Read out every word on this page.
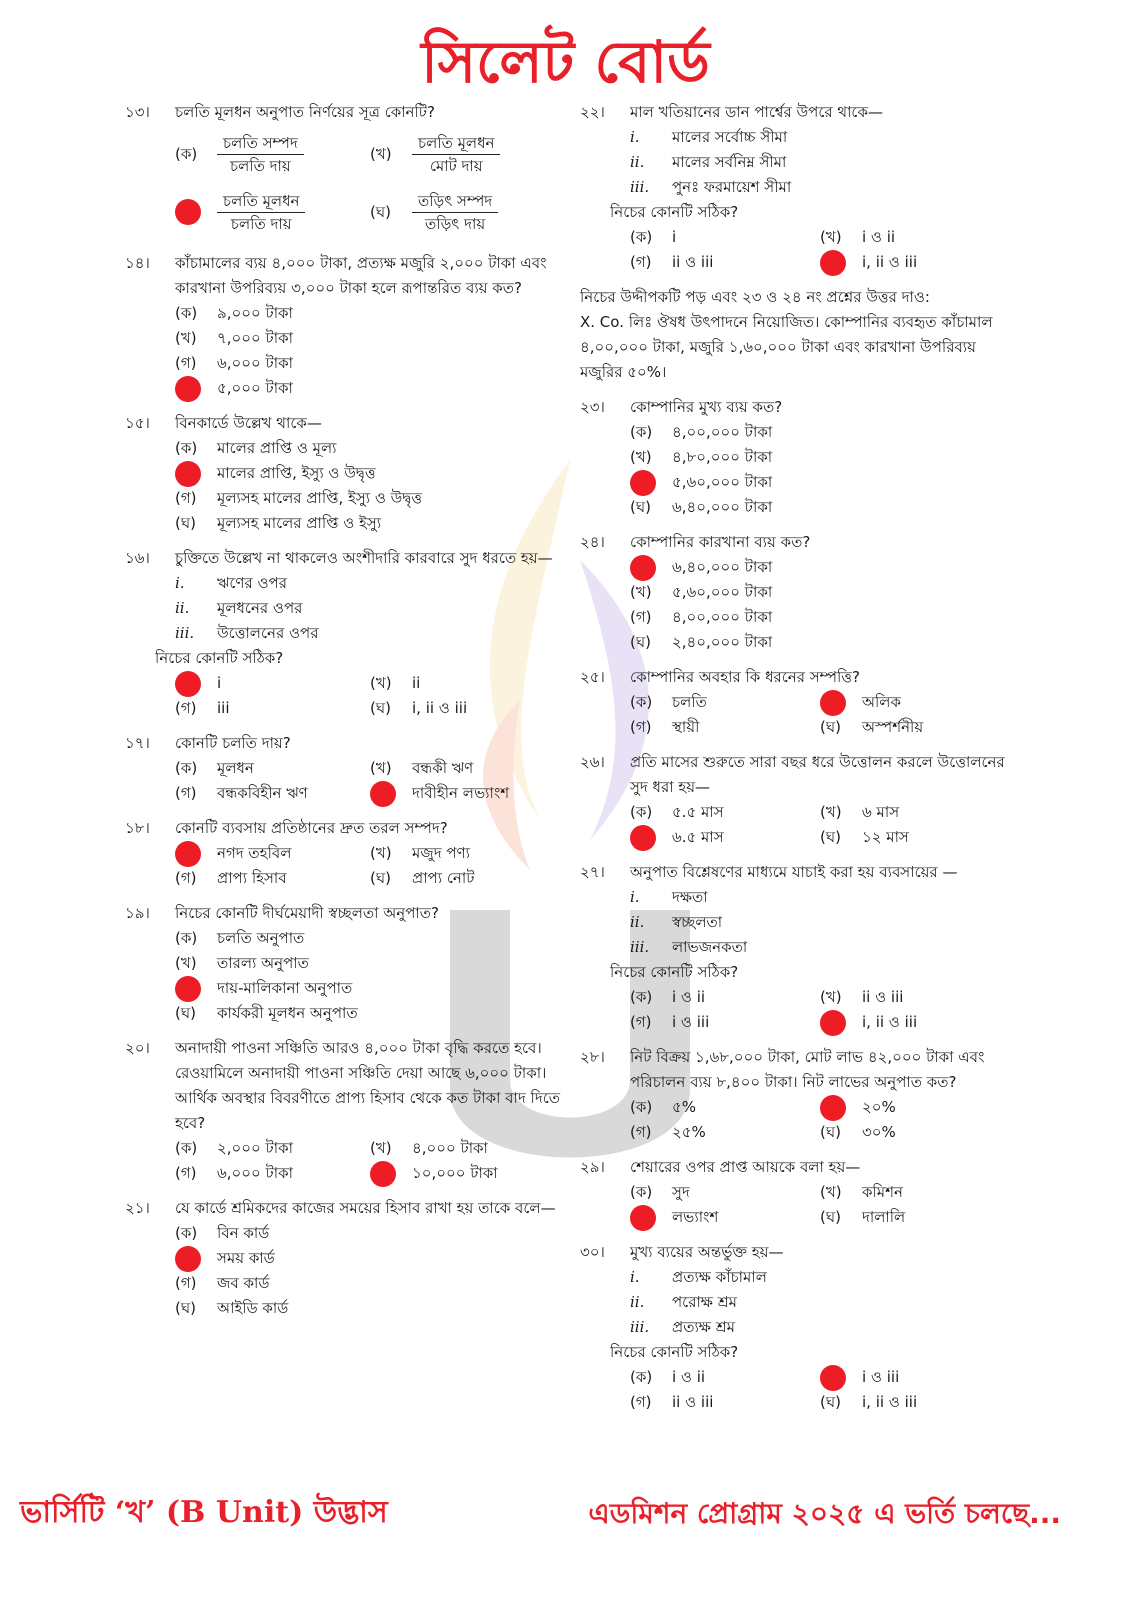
সিলেট বোর্ড
১৩।	চলতি মূলধন অনুপাত নির্ণয়ের সূত্র কোনটি?
(ক)	$\frac{\text{চলতি সম্পদ}}{\text{চলতি দায়}}$	(খ)	$\frac{\text{চলতি মূলধন}}{\text{মোট দায়}}$
$\frac{\text{চলতি মূলধন}}{\text{চলতি দায়}}$	(ঘ)	$\frac{\text{তড়িৎ সম্পদ}}{\text{তড়িৎ দায়}}$
১৪।	কাঁচামালের ব্যয় ৪,০০০ টাকা, প্রত্যক্ষ মজুরি ২,০০০ টাকা এবং কারখানা উপরিব্যয় ৩,০০০ টাকা হলে রূপান্তরিত ব্যয় কত?
(ক)	৯,০০০ টাকা
(খ)	৭,০০০ টাকা
(গ)	৬,০০০ টাকা
৫,০০০ টাকা
১৫।	বিনকার্ডে উল্লেখ থাকে—
(ক)	মালের প্রাপ্তি ও মূল্য
মালের প্রাপ্তি, ইস্যু ও উদ্বৃত্ত
(গ)	মূল্যসহ মালের প্রাপ্তি, ইস্যু ও উদ্বৃত্ত
(ঘ)	মূল্যসহ মালের প্রাপ্তি ও ইস্যু
১৬।	চুক্তিতে উল্লেখ না থাকলেও অংশীদারি কারবারে সুদ ধরতে হয়—
i.	ঋণের ওপর
ii.	মূলধনের ওপর
iii.	উত্তোলনের ওপর
নিচের কোনটি সঠিক?
i	(খ)	ii
(গ)	iii	(ঘ)	i, ii ও iii
১৭।	কোনটি চলতি দায়?
(ক)	মূলধন	(খ)	বন্ধকী ঋণ
(গ)	বন্ধকবিহীন ঋণ	দাবীহীন লভ্যাংশ
১৮।	কোনটি ব্যবসায় প্রতিষ্ঠানের দ্রুত তরল সম্পদ?
নগদ তহবিল	(খ)	মজুদ পণ্য
(গ)	প্রাপ্য হিসাব	(ঘ)	প্রাপ্য নোট
১৯।	নিচের কোনটি দীর্ঘমেয়াদী স্বচ্ছলতা অনুপাত?
(ক)	চলতি অনুপাত
(খ)	তারল্য অনুপাত
দায়-মালিকানা অনুপাত
(ঘ)	কার্যকরী মূলধন অনুপাত
২০।	অনাদায়ী পাওনা সঞ্চিতি আরও ৪,০০০ টাকা বৃদ্ধি করতে হবে। রেওয়ামিলে অনাদায়ী পাওনা সঞ্চিতি দেয়া আছে ৬,০০০ টাকা। আর্থিক অবস্থার বিবরণীতে প্রাপ্য হিসাব থেকে কত টাকা বাদ দিতে হবে?
(ক)	২,০০০ টাকা	(খ)	৪,০০০ টাকা
(গ)	৬,০০০ টাকা	১০,০০০ টাকা
২১।	যে কার্ডে শ্রমিকদের কাজের সময়ের হিসাব রাখা হয় তাকে বলে—
(ক)	বিন কার্ড
সময় কার্ড
(গ)	জব কার্ড
(ঘ)	আইডি কার্ড
২২।	মাল খতিয়ানের ডান পার্শ্বের উপরে থাকে—
i.	মালের সর্বোচ্চ সীমা
ii.	মালের সর্বনিম্ন সীমা
iii.	পুনঃ ফরমায়েশ সীমা
নিচের কোনটি সঠিক?
(ক)	i	(খ)	i ও ii
(গ)	ii ও iii	i, ii ও iii
নিচের উদ্দীপকটি পড় এবং ২৩ ও ২৪ নং প্রশ্নের উত্তর দাও:
X. Co. লিঃ ঔষধ উৎপাদনে নিয়োজিত। কোম্পানির ব্যবহৃত কাঁচামাল ৪,০০,০০০ টাকা, মজুরি ১,৬০,০০০ টাকা এবং কারখানা উপরিব্যয় মজুরির ৫০%।
২৩।	কোম্পানির মুখ্য ব্যয় কত?
(ক)	৪,০০,০০০ টাকা
(খ)	৪,৮০,০০০ টাকা
৫,৬০,০০০ টাকা
(ঘ)	৬,৪০,০০০ টাকা
২৪।	কোম্পানির কারখানা ব্যয় কত?
৬,৪০,০০০ টাকা
(খ)	৫,৬০,০০০ টাকা
(গ)	৪,০০,০০০ টাকা
(ঘ)	২,৪০,০০০ টাকা
২৫।	কোম্পানির অবহার কি ধরনের সম্পত্তি?
(ক)	চলতি	অলিক
(গ)	স্থায়ী	(ঘ)	অস্পর্শনীয়
২৬।	প্রতি মাসের শুরুতে সারা বছর ধরে উত্তোলন করলে উত্তোলনের সুদ ধরা হয়—
(ক)	৫.৫ মাস	(খ)	৬ মাস
৬.৫ মাস	(ঘ)	১২ মাস
২৭।	অনুপাত বিশ্লেষণের মাধ্যমে যাচাই করা হয় ব্যবসায়ের —
i.	দক্ষতা
ii.	স্বচ্ছলতা
iii.	লাভজনকতা
নিচের কোনটি সঠিক?
(ক)	i ও ii	(খ)	ii ও iii
(গ)	i ও iii	i, ii ও iii
২৮।	নিট বিক্রয় ১,৬৮,০০০ টাকা, মোট লাভ ৪২,০০০ টাকা এবং পরিচালন ব্যয় ৮,৪০০ টাকা। নিট লাভের অনুপাত কত?
(ক)	৫%	২০%
(গ)	২৫%	(ঘ)	৩০%
২৯।	শেয়ারের ওপর প্রাপ্ত আয়কে বলা হয়—
(ক)	সুদ	(খ)	কমিশন
লভ্যাংশ	(ঘ)	দালালি
৩০।	মুখ্য ব্যয়ের অন্তর্ভুক্ত হয়—
i.	প্রত্যক্ষ কাঁচামাল
ii.	পরোক্ষ শ্রম
iii.	প্রত্যক্ষ শ্রম
নিচের কোনটি সঠিক?
(ক)	i ও ii	i ও iii
(গ)	ii ও iii	(ঘ)	i, ii ও iii
ভার্সিটি ‘খ’ (B Unit) উদ্ভাস	এডমিশন প্রোগ্রাম ২০২৫ এ ভর্তি চলছে...
